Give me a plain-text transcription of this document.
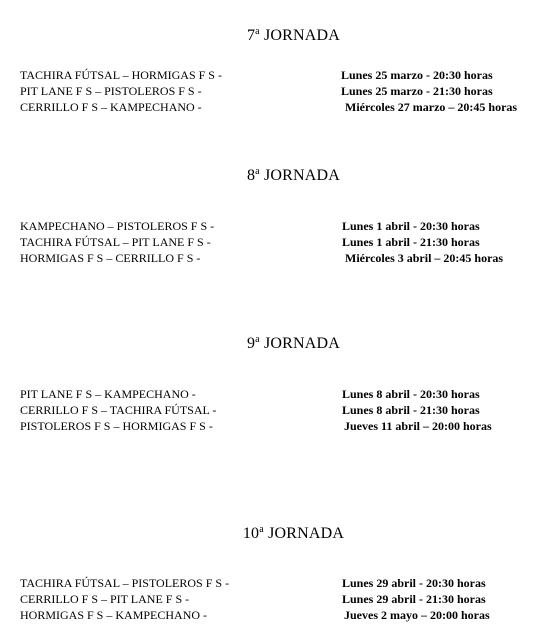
7$^a$ JORNADA
TACHIRA FÚTSAL – HORMIGAS F S -	Lunes 25 marzo - 20:30 horas
PIT LANE F S – PISTOLEROS F S -	Lunes 25 marzo - 21:30 horas
CERRILLO F S – KAMPECHANO -	Miércoles 27 marzo – 20:45 horas
8$^a$ JORNADA
KAMPECHANO – PISTOLEROS F S -	Lunes 1 abril - 20:30 horas
TACHIRA FÚTSAL – PIT LANE F S -	Lunes 1 abril - 21:30 horas
HORMIGAS F S – CERRILLO F S -	Miércoles 3 abril – 20:45 horas
9$^a$ JORNADA
PIT LANE F S – KAMPECHANO -	Lunes 8 abril - 20:30 horas
CERRILLO F S – TACHIRA FÚTSAL -	Lunes 8 abril - 21:30 horas
PISTOLEROS F S – HORMIGAS F S -	Jueves 11 abril – 20:00 horas
10$^a$ JORNADA
TACHIRA FÚTSAL – PISTOLEROS F S -	Lunes 29 abril - 20:30 horas
CERRILLO F S – PIT LANE F S -	Lunes 29 abril - 21:30 horas
HORMIGAS F S – KAMPECHANO -	Jueves 2 mayo – 20:00 horas
